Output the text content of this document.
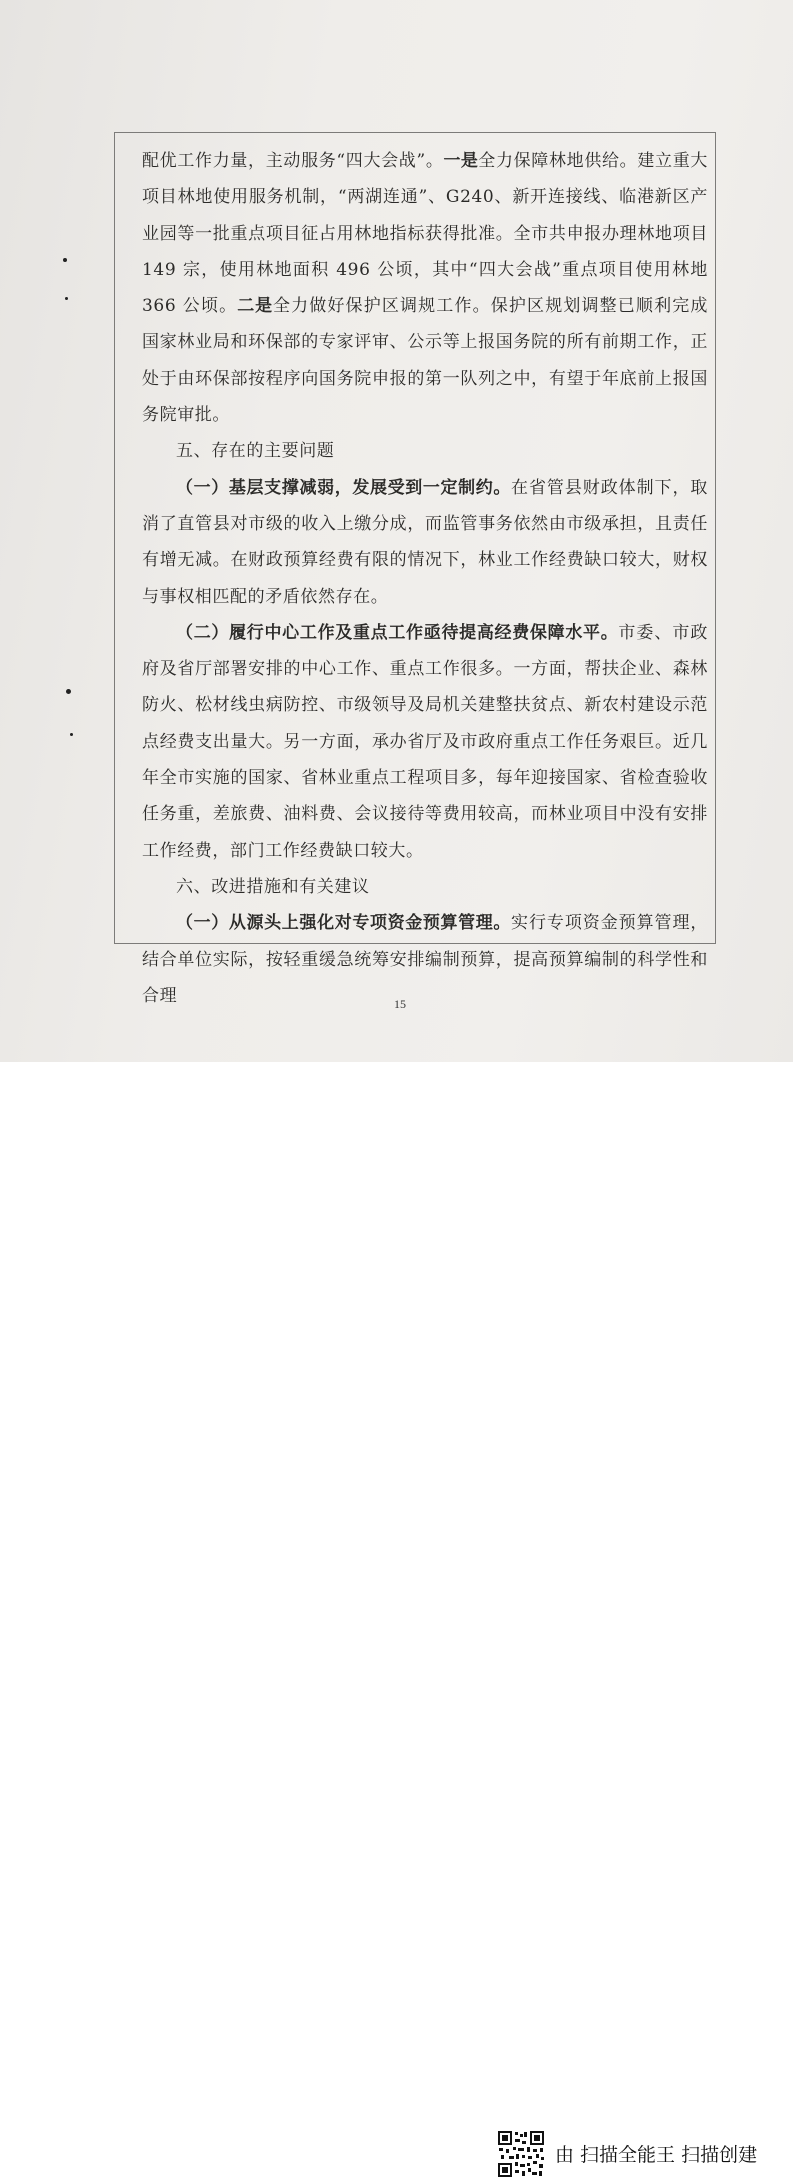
配优工作力量，主动服务“四大会战”。一是全力保障林地供给。建立重大项目林地使用服务机制，“两湖连通”、G240、新开连接线、临港新区产业园等一批重点项目征占用林地指标获得批准。全市共申报办理林地项目 149 宗，使用林地面积 496 公顷，其中“四大会战”重点项目使用林地 366 公顷。二是全力做好保护区调规工作。保护区规划调整已顺利完成国家林业局和环保部的专家评审、公示等上报国务院的所有前期工作，正处于由环保部按程序向国务院申报的第一队列之中，有望于年底前上报国务院审批。

五、存在的主要问题

（一）基层支撑减弱，发展受到一定制约。在省管县财政体制下，取消了直管县对市级的收入上缴分成，而监管事务依然由市级承担，且责任有增无减。在财政预算经费有限的情况下，林业工作经费缺口较大，财权与事权相匹配的矛盾依然存在。

（二）履行中心工作及重点工作亟待提高经费保障水平。市委、市政府及省厅部署安排的中心工作、重点工作很多。一方面，帮扶企业、森林防火、松材线虫病防控、市级领导及局机关建整扶贫点、新农村建设示范点经费支出量大。另一方面，承办省厅及市政府重点工作任务艰巨。近几年全市实施的国家、省林业重点工程项目多，每年迎接国家、省检查验收任务重，差旅费、油料费、会议接待等费用较高，而林业项目中没有安排工作经费，部门工作经费缺口较大。

六、改进措施和有关建议

（一）从源头上强化对专项资金预算管理。实行专项资金预算管理，结合单位实际，按轻重缓急统筹安排编制预算，提高预算编制的科学性和合理	15
由 扫描全能王 扫描创建
